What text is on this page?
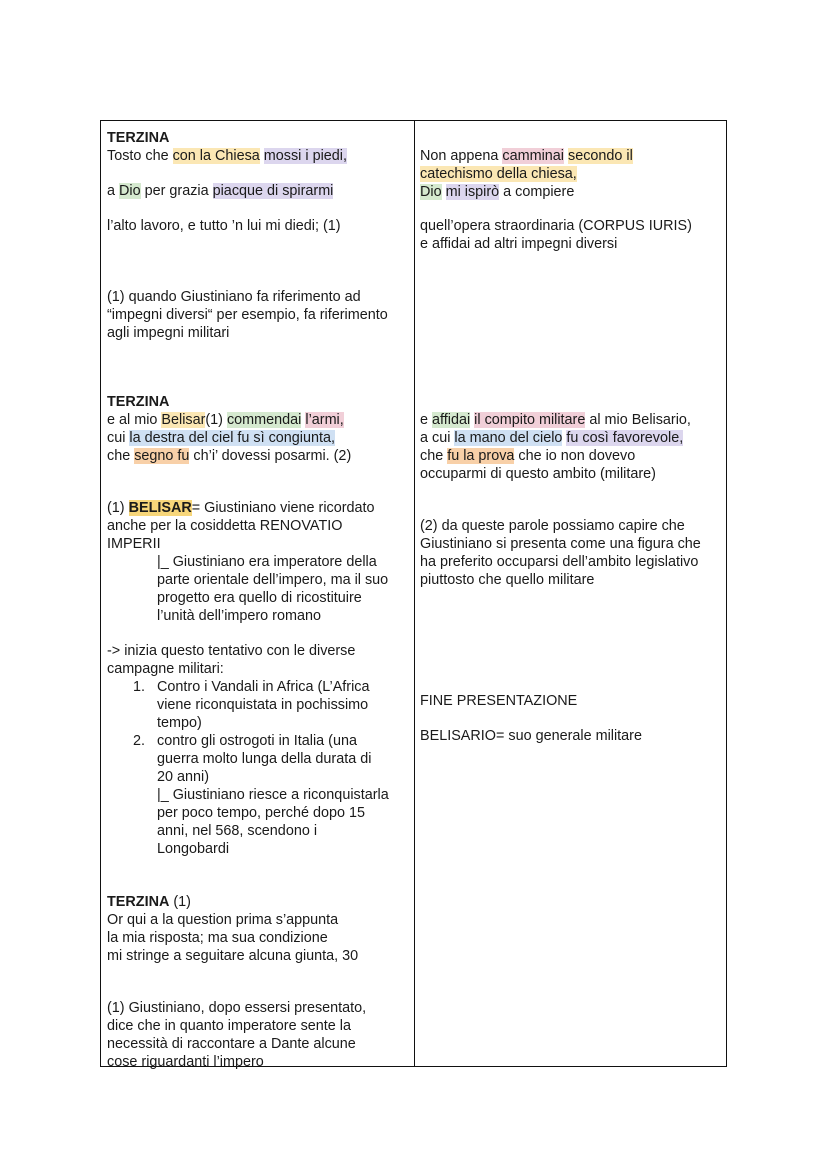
TERZINA
Tosto che con la Chiesa mossi i piedi,
a Dio per grazia piacque di spirarmi
l’alto lavoro, e tutto ’n lui mi diedi; (1)
(1) quando Giustiniano fa riferimento ad
“impegni diversi“ per esempio, fa riferimento
agli impegni militari
TERZINA
e al mio Belisar(1) commendai l’armi,
cui la destra del ciel fu sì congiunta,
che segno fu ch’i’ dovessi posarmi. (2)
(1) BELISAR= Giustiniano viene ricordato
anche per la cosiddetta RENOVATIO
IMPERII
|_ Giustiniano era imperatore della
parte orientale dell’impero, ma il suo
progetto era quello di ricostituire
l’unità dell’impero romano
-> inizia questo tentativo con le diverse
campagne militari:
1. Contro i Vandali in Africa (L’Africa
viene riconquistata in pochissimo
tempo)
2. contro gli ostrogoti in Italia (una
guerra molto lunga della durata di
20 anni)
|_ Giustiniano riesce a riconquistarla
per poco tempo, perché dopo 15
anni, nel 568, scendono i
Longobardi
TERZINA (1)
Or qui a la question prima s’appunta
la mia risposta; ma sua condizione
mi stringe a seguitare alcuna giunta, 30
(1) Giustiniano, dopo essersi presentato,
dice che in quanto imperatore sente la
necessità di raccontare a Dante alcune
cose riguardanti l’impero
Non appena camminai secondo il
catechismo della chiesa,
Dio mi ispirò a compiere
quell’opera straordinaria (CORPUS IURIS)
e affidai ad altri impegni diversi
e affidai il compito militare al mio Belisario,
a cui la mano del cielo fu così favorevole,
che fu la prova che io non dovevo
occuparmi di questo ambito (militare)
(2) da queste parole possiamo capire che
Giustiniano si presenta come una figura che
ha preferito occuparsi dell’ambito legislativo
piuttosto che quello militare
FINE PRESENTAZIONE
BELISARIO= suo generale militare
